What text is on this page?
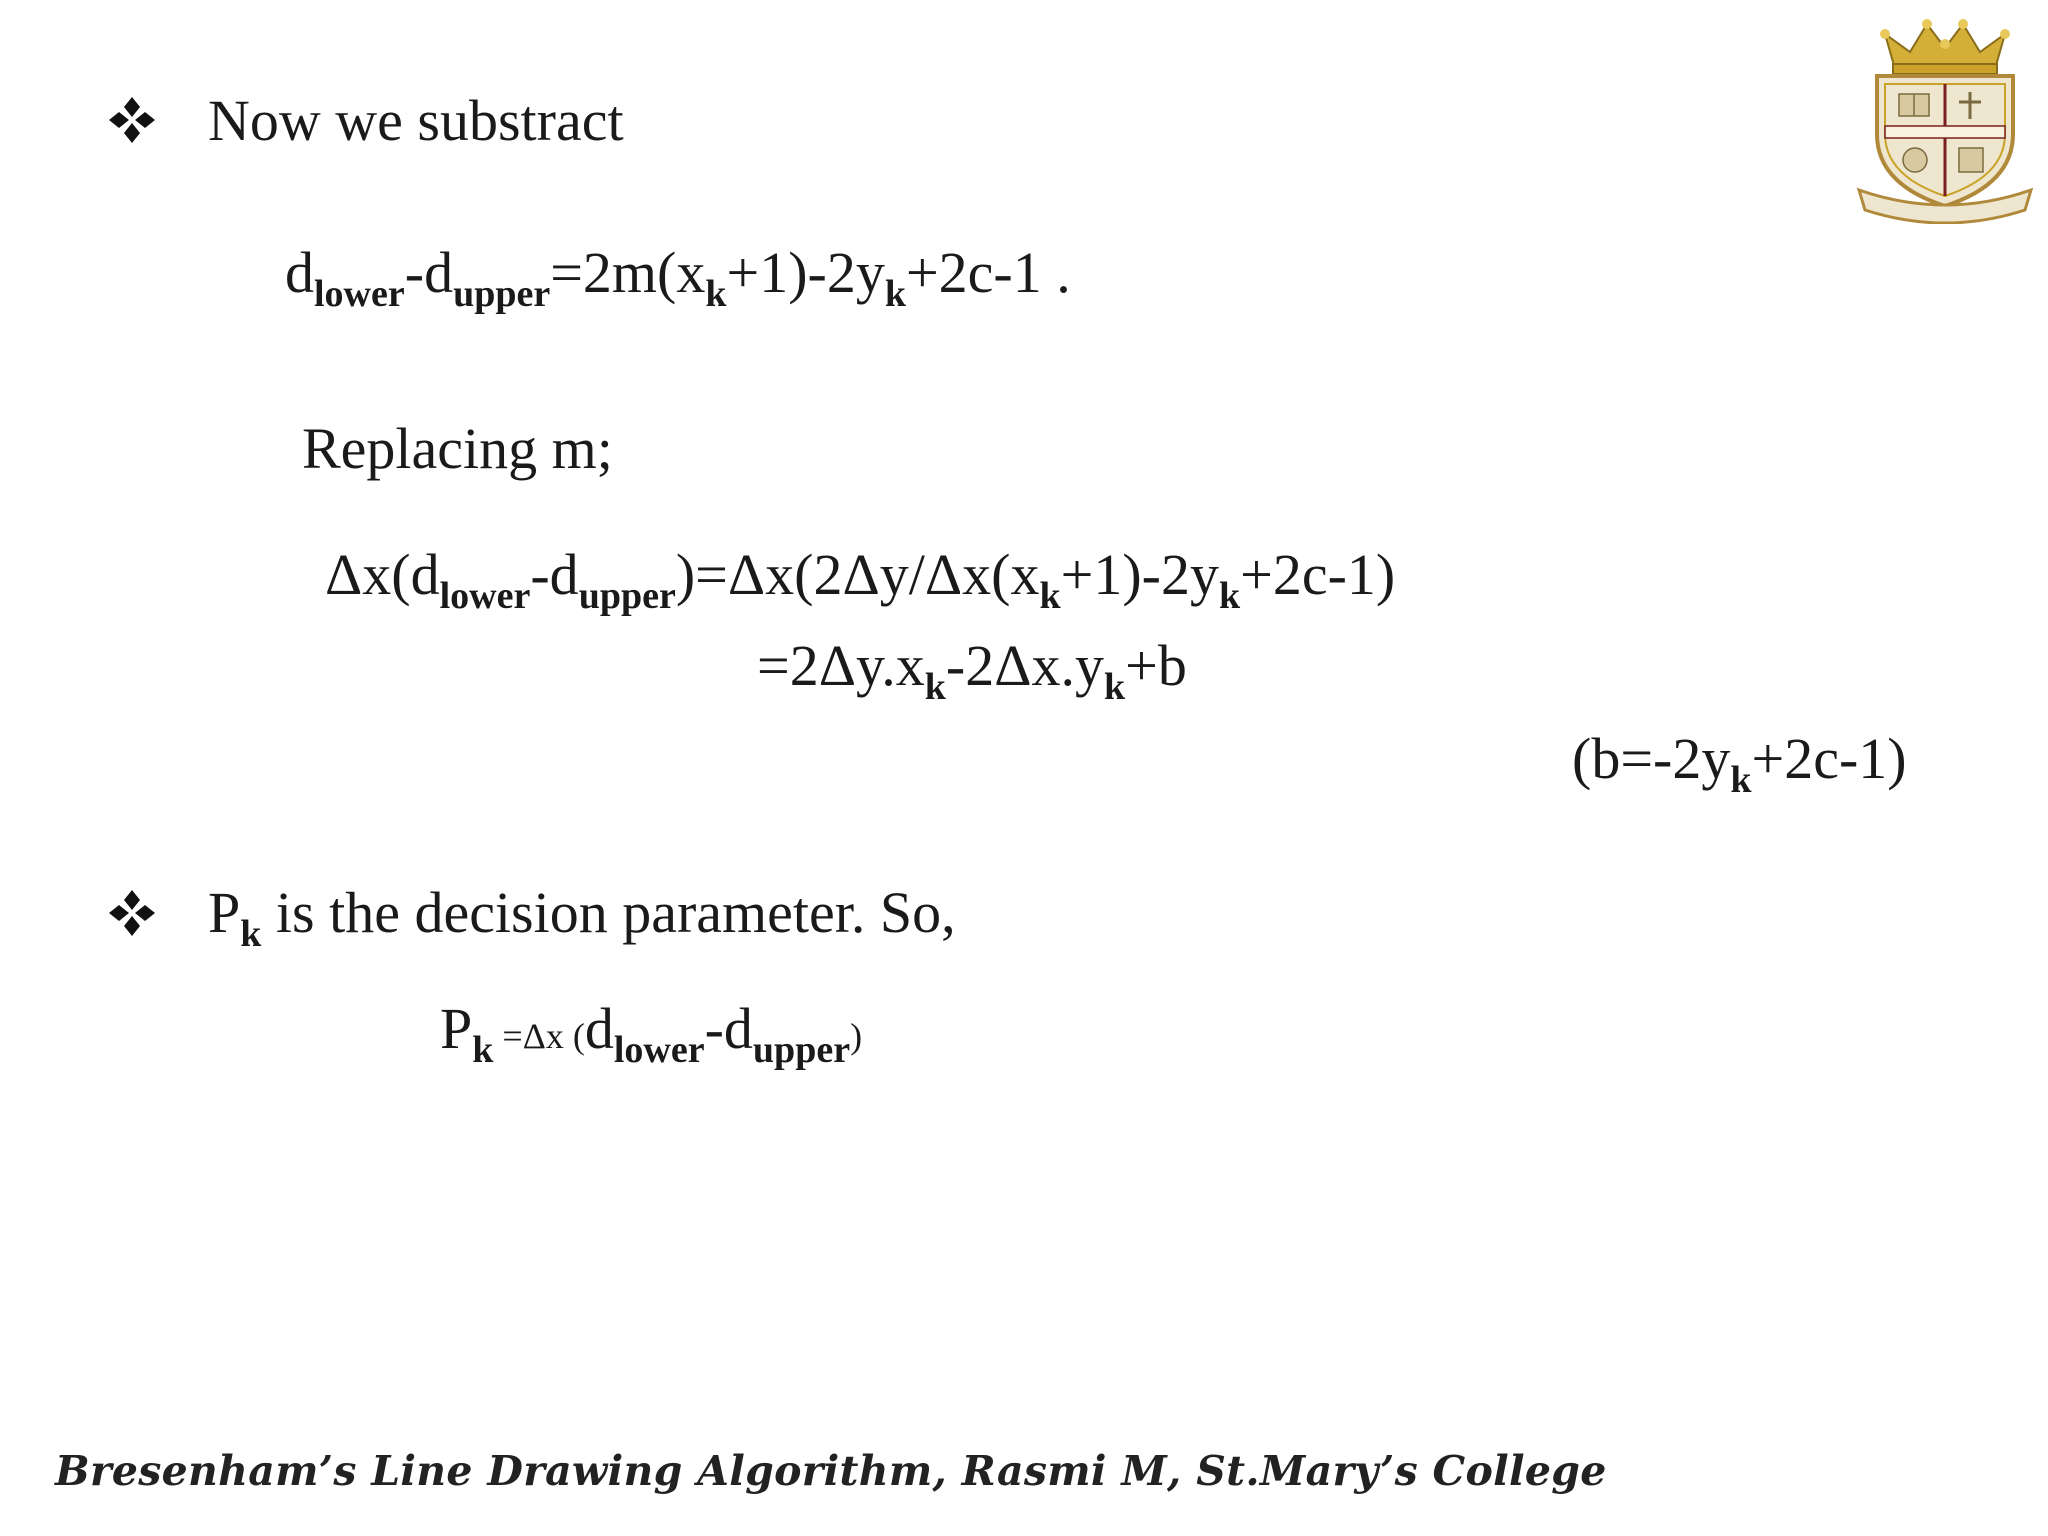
Now we substract
$d_{lower}-d_{upper}=2m(x_k+1)-2y_k+2c-1$ .
Replacing m;
$\Delta x(d_{lower}-d_{upper})=\Delta x(2\Delta y/\Delta x(x_k+1)-2y_k+2c-1)$
$=2\Delta y.x_k-2\Delta x.y_k+b$
$(b=-2y_k+2c-1)$
$P_k$ is the decision parameter. So,
$P_k =\Delta x$ $(d_{lower}-d_{upper})$
Bresenham’s Line Drawing Algorithm, Rasmi M, St.Mary’s College
